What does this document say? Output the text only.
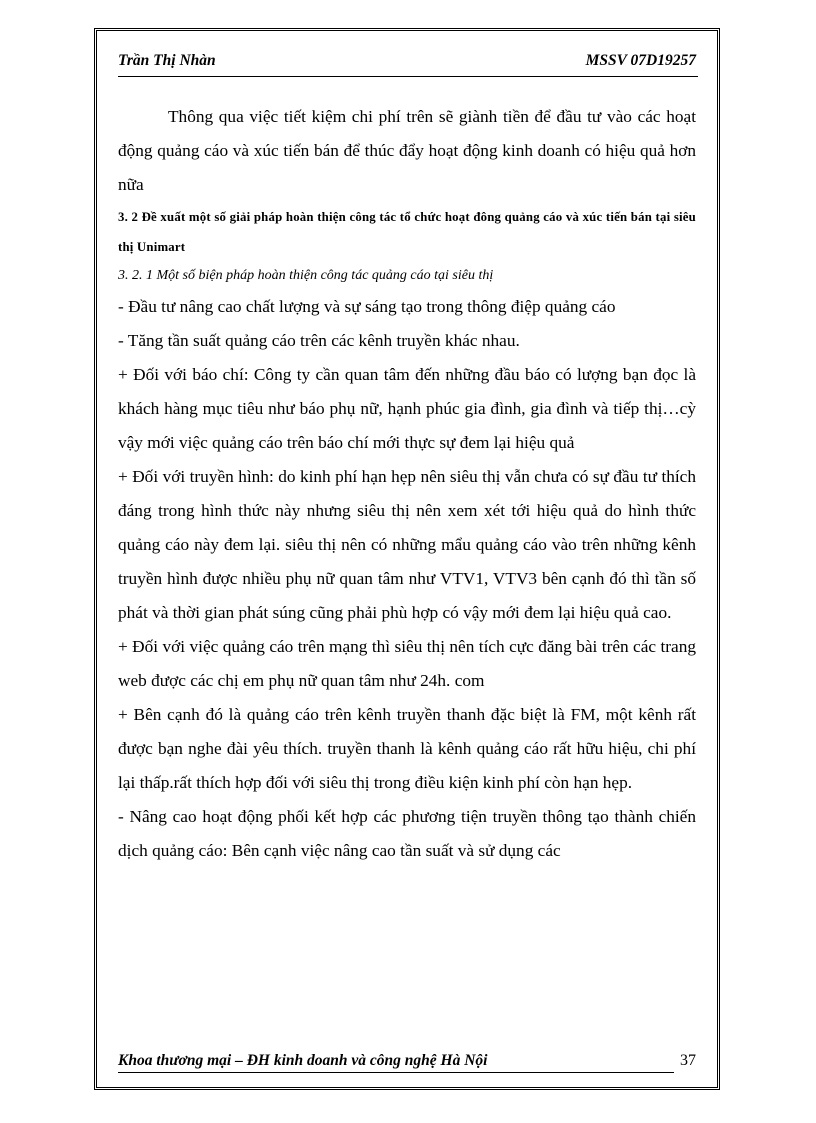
Trần Thị Nhàn	MSSV 07D19257

Thông qua việc tiết kiệm chi phí trên sẽ giành tiền để đầu tư vào các hoạt động quảng cáo và xúc tiến bán để thúc đẩy hoạt động kinh doanh có hiệu quả hơn nữa

3. 2 Đề xuất một số giải pháp hoàn thiện công tác tổ chức hoạt đông quảng cáo và xúc tiến bán tại siêu thị Unimart

3. 2. 1 Một số biện pháp hoàn thiện công tác quảng cáo tại siêu thị

- Đầu tư nâng cao chất lượng và sự sáng tạo trong thông điệp quảng cáo

- Tăng tần suất quảng cáo trên các kênh truyền khác nhau.

+ Đối với báo chí: Công ty cần quan tâm đến những đầu báo có lượng bạn đọc là khách hàng mục tiêu như báo phụ nữ, hạnh phúc gia đình, gia đình và tiếp thị…cỳ vậy mới việc quảng cáo trên báo chí mới thực sự đem lại hiệu quả

+ Đối với truyền hình: do kinh phí hạn hẹp nên siêu thị vẫn chưa có sự đầu tư thích đáng trong hình thức này nhưng siêu thị nên xem xét tới hiệu quả do hình thức quảng cáo này đem lại. siêu thị nên có những mẩu quảng cáo vào trên những kênh truyền hình được nhiều phụ nữ quan tâm như VTV1, VTV3 bên cạnh đó thì tần số phát và thời gian phát súng cũng phải phù hợp có vậy mới đem lại hiệu quả cao.

+ Đối với việc quảng cáo trên mạng thì siêu thị nên tích cực đăng bài trên các trang web được các chị em phụ nữ quan tâm như 24h. com

+ Bên cạnh đó là quảng cáo trên kênh truyền thanh đặc biệt là FM, một kênh rất được bạn nghe đài yêu thích. truyền thanh là kênh quảng cáo rất hữu hiệu, chi phí lại thấp.rất thích hợp đối với siêu thị trong điều kiện kinh phí còn hạn hẹp.

- Nâng cao hoạt động phối kết hợp các phương tiện truyền thông tạo thành chiến dịch quảng cáo: Bên cạnh việc nâng cao tần suất và sử dụng các

Khoa thương mại – ĐH kinh doanh và công nghệ Hà Nội	37
